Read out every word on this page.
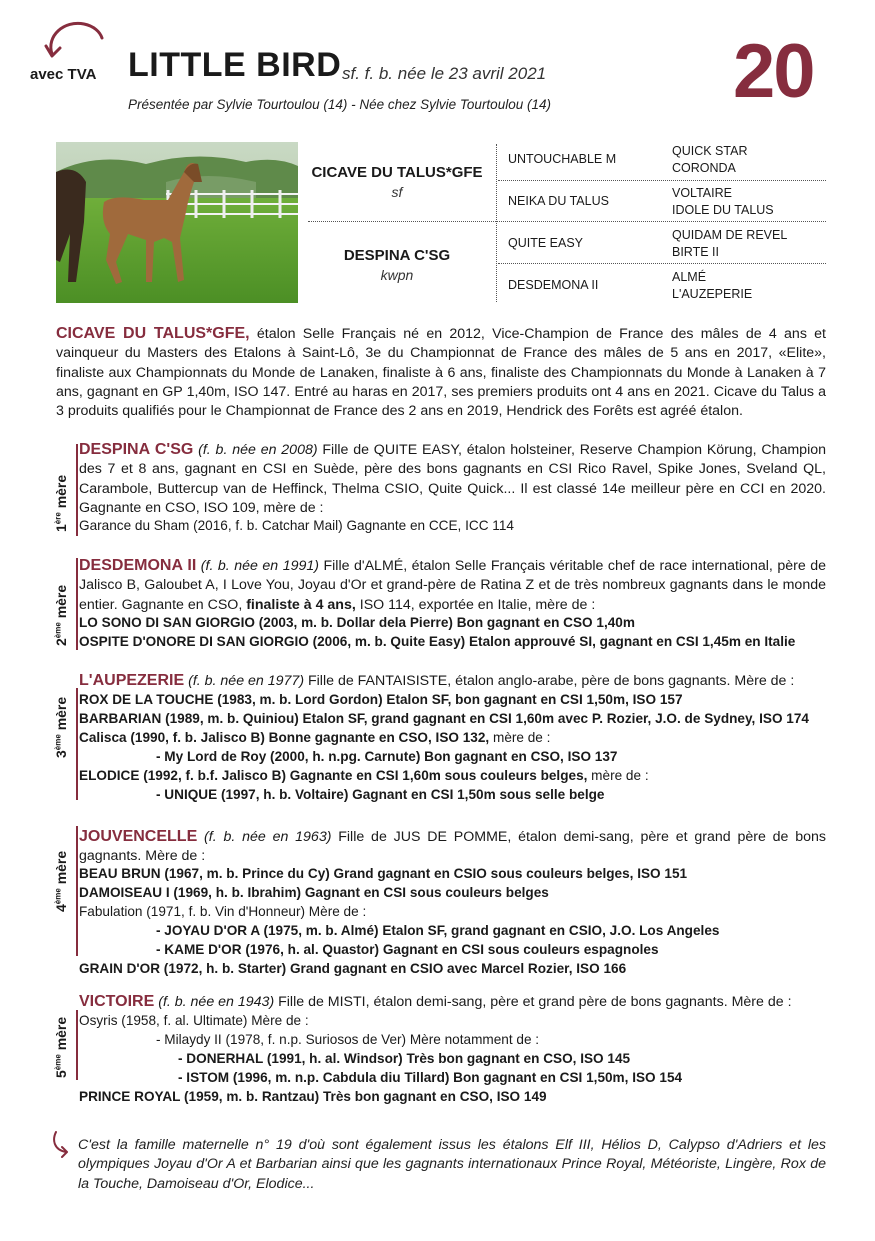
avec TVA LITTLE BIRD sf. f. b. née le 23 avril 2021
Présentée par Sylvie Tourtoulou (14) - Née chez Sylvie Tourtoulou (14) 20
CICAVE DU TALUS*GFE
sf
DESPINA C'SG
kwpn
UNTOUCHABLE M
NEIKA DU TALUS
QUITE EASY
DESDEMONA II
QUICK STAR
CORONDA
VOLTAIRE
IDOLE DU TALUS
QUIDAM DE REVEL
BIRTE II
ALMÉ
L'AUZEPERIE
CICAVE DU TALUS*GFE, étalon Selle Français né en 2012, Vice-Champion de France des mâles de 4 ans et vainqueur du Masters des Etalons à Saint-Lô, 3e du Championnat de France des mâles de 5 ans en 2017, «Elite», finaliste aux Championnats du Monde de Lanaken, finaliste à 6 ans, finaliste des Championnats du Monde à Lanaken à 7 ans, gagnant en GP 1,40m, ISO 147. Entré au haras en 2017, ses premiers produits ont 4 ans en 2021. Cicave du Talus a 3 produits qualifiés pour le Championnat de France des 2 ans en 2019, Hendrick des Forêts est agréé étalon.
1ère mère
DESPINA C'SG (f. b. née en 2008) Fille de QUITE EASY, étalon holsteiner, Reserve Champion Körung, Champion des 7 et 8 ans, gagnant en CSI en Suède, père des bons gagnants en CSI Rico Ravel, Spike Jones, Sveland QL, Carambole, Buttercup van de Heffinck, Thelma CSIO, Quite Quick... Il est classé 14e meilleur père en CCI en 2020. Gagnante en CSO, ISO 109, mère de :
Garance du Sham (2016, f. b. Catchar Mail) Gagnante en CCE, ICC 114
2ème mère
DESDEMONA II (f. b. née en 1991) Fille d'ALMÉ, étalon Selle Français véritable chef de race international, père de Jalisco B, Galoubet A, I Love You, Joyau d'Or et grand-père de Ratina Z et de très nombreux gagnants dans le monde entier. Gagnante en CSO, finaliste à 4 ans, ISO 114, exportée en Italie, mère de :
LO SONO DI SAN GIORGIO (2003, m. b. Dollar dela Pierre) Bon gagnant en CSO 1,40m
OSPITE D'ONORE DI SAN GIORGIO (2006, m. b. Quite Easy) Etalon approuvé SI, gagnant en CSI 1,45m en Italie
3ème mère
L'AUPEZERIE (f. b. née en 1977) Fille de FANTAISISTE, étalon anglo-arabe, père de bons gagnants. Mère de :
ROX DE LA TOUCHE (1983, m. b. Lord Gordon) Etalon SF, bon gagnant en CSI 1,50m, ISO 157
BARBARIAN (1989, m. b. Quiniou) Etalon SF, grand gagnant en CSI 1,60m avec P. Rozier, J.O. de Sydney, ISO 174
Calisca (1990, f. b. Jalisco B) Bonne gagnante en CSO, ISO 132, mère de :
- My Lord de Roy (2000, h. n.pg. Carnute) Bon gagnant en CSO, ISO 137
ELODICE (1992, f. b.f. Jalisco B) Gagnante en CSI 1,60m sous couleurs belges, mère de :
- UNIQUE (1997, h. b. Voltaire) Gagnant en CSI 1,50m sous selle belge
4ème mère
JOUVENCELLE (f. b. née en 1963) Fille de JUS DE POMME, étalon demi-sang, père et grand père de bons gagnants. Mère de :
BEAU BRUN (1967, m. b. Prince du Cy) Grand gagnant en CSIO sous couleurs belges, ISO 151
DAMOISEAU I (1969, h. b. Ibrahim) Gagnant en CSI sous couleurs belges
Fabulation (1971, f. b. Vin d'Honneur) Mère de :
- JOYAU D'OR A (1975, m. b. Almé) Etalon SF, grand gagnant en CSIO, J.O. Los Angeles
- KAME D'OR (1976, h. al. Quastor) Gagnant en CSI sous couleurs espagnoles
GRAIN D'OR (1972, h. b. Starter) Grand gagnant en CSIO avec Marcel Rozier, ISO 166
5ème mère
VICTOIRE (f. b. née en 1943) Fille de MISTI, étalon demi-sang, père et grand père de bons gagnants. Mère de :
Osyris (1958, f. al. Ultimate) Mère de :
- Milaydy II (1978, f. n.p. Suriosos de Ver) Mère notamment de :
- DONERHAL (1991, h. al. Windsor) Très bon gagnant en CSO, ISO 145
- ISTOM (1996, m. n.p. Cabdula diu Tillard) Bon gagnant en CSI 1,50m, ISO 154
PRINCE ROYAL (1959, m. b. Rantzau) Très bon gagnant en CSO, ISO 149
C'est la famille maternelle n° 19 d'où sont également issus les étalons Elf III, Hélios D, Calypso d'Adriers et les olympiques Joyau d'Or A et Barbarian ainsi que les gagnants internationaux Prince Royal, Météoriste, Lingère, Rox de la Touche, Damoiseau d'Or, Elodice...
